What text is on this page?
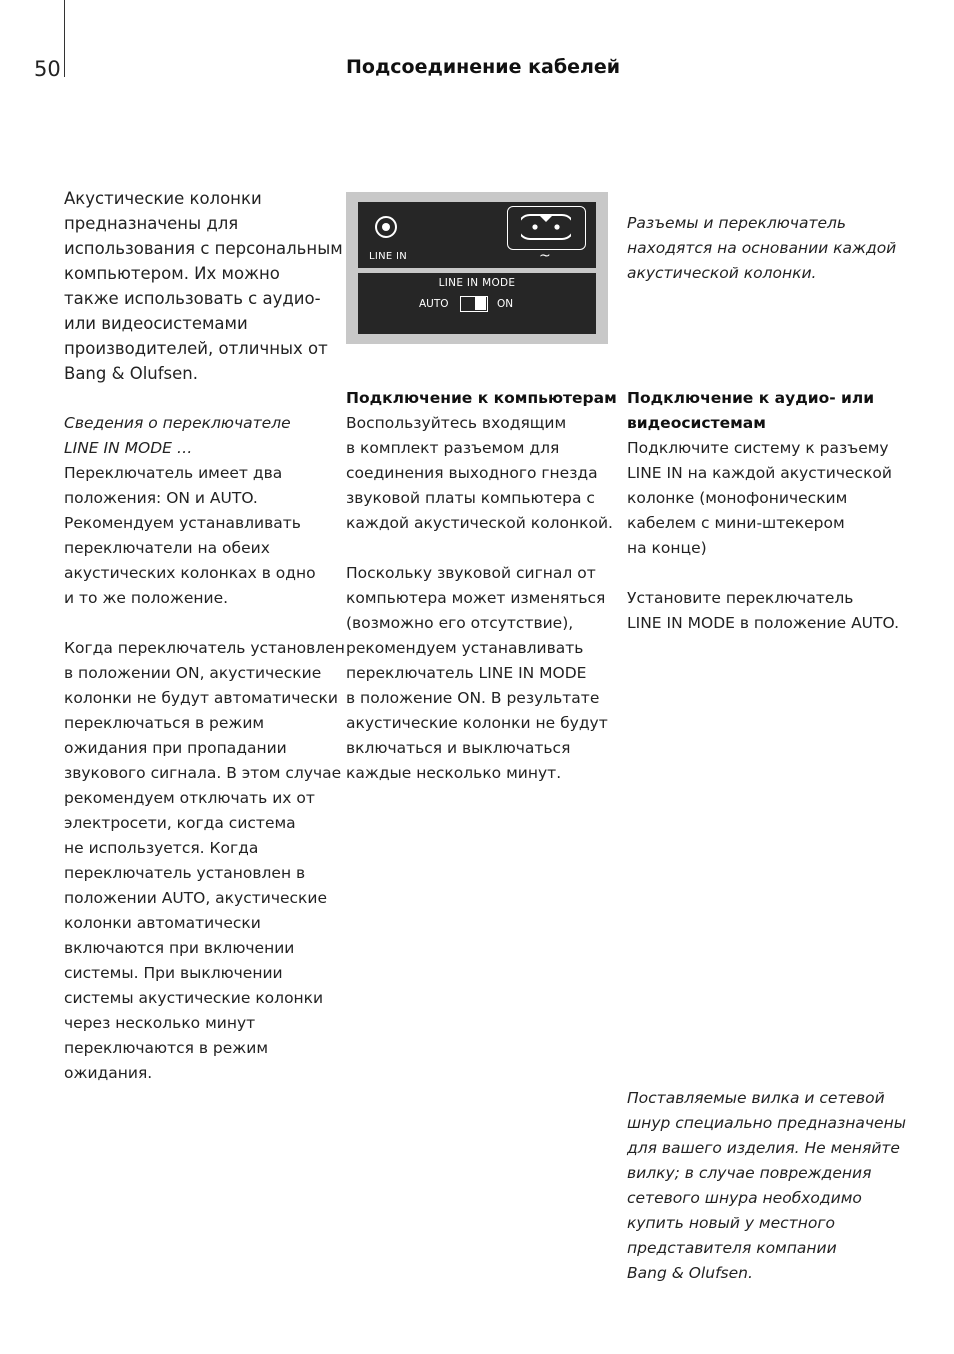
50	Подсоединение кабелей

Акустические колонки
предназначены для
использования с персональным
компьютером. Их можно
также использовать с аудио-
или видеосистемами
производителей, отличных от
Bang & Olufsen.

Сведения о переключателе
LINE IN MODE …
Переключатель имеет два
положения: ON и AUTO.
Рекомендуем устанавливать
переключатели на обеих
акустических колонках в одно
и то же положение.

Когда переключатель установлен
в положении ON, акустические
колонки не будут автоматически
переключаться в режим
ожидания при пропадании
звукового сигнала. В этом случае
рекомендуем отключать их от
электросети, когда система
не используется. Когда
переключатель установлен в
положении AUTO, акустические
колонки автоматически
включаются при включении
системы. При выключении
системы акустические колонки
через несколько минут
переключаются в режим
ожидания.

LINE IN	~
LINE IN MODE
AUTO	ON

Подключение к компьютерам
Воспользуйтесь входящим
в комплект разъемом для
соединения выходного гнезда
звуковой платы компьютера с
каждой акустической колонкой.

Поскольку звуковой сигнал от
компьютера может изменяться
(возможно его отсутствие),
рекомендуем устанавливать
переключатель LINE IN MODE
в положение ON. В результате
акустические колонки не будут
включаться и выключаться
каждые несколько минут.

Разъемы и переключатель
находятся на основании каждой
акустической колонки.

Подключение к аудио- или
видеосистемам
Подключите систему к разъему
LINE IN на каждой акустической
колонке (монофоническим
кабелем с мини-штекером
на конце)

Установите переключатель
LINE IN MODE в положение AUTO.

Поставляемые вилка и сетевой
шнур специально предназначены
для вашего изделия. Не меняйте
вилку; в случае повреждения
сетевого шнура необходимо
купить новый у местного
представителя компании
Bang & Olufsen.
